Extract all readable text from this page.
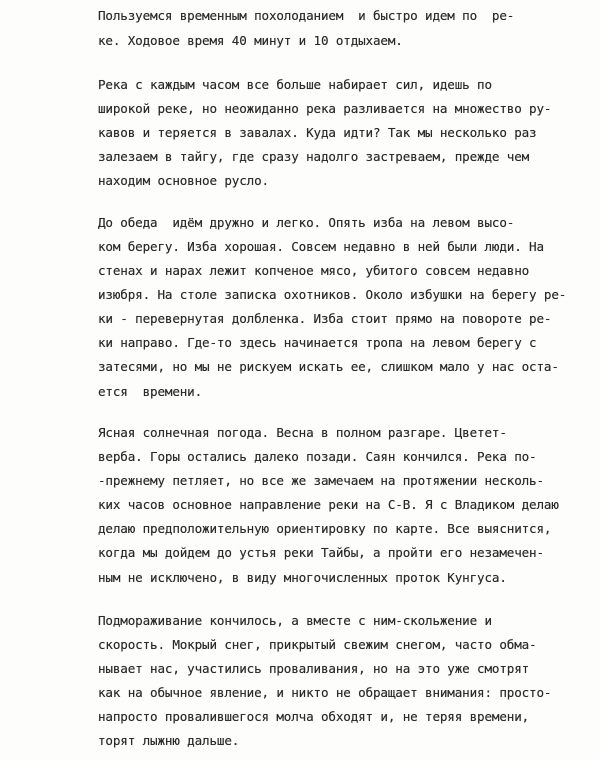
Пользуемся временным похолоданием  и быстро идем по  ре-

ке. Ходовое время 40 минут и 10 отдыхаем.

Река с каждым часом все больше набирает сил, идешь по

широкой реке, но неожиданно река разливается на множество ру-

кавов и теряется в завалах. Куда идти? Так мы несколько раз

залезаем в тайгу, где сразу надолго застреваем, прежде чем

находим основное русло.

До обеда  идём дружно и легко. Опять изба на левом высо-

ком берегу. Изба хорошая. Совсем недавно в ней были люди. На

стенах и нарах лежит копченое мясо, убитого совсем недавно

изюбря. На столе записка охотников. Около избушки на берегу ре-

ки - перевернутая долбленка. Изба стоит прямо на повороте ре-

ки направо. Где-то здесь начинается тропа на левом берегу с

затесями, но мы не рискуем искать ее, слишком мало у нас оста-

ется  времени.

Ясная солнечная погода. Весна в полном разгаре. Цветет-

верба. Горы остались далеко позади. Саян кончился. Река по-

-прежнему петляет, но все же замечаем на протяжении несколь-

ких часов основное направление реки на С-В. Я с Владиком делаю

делаю предположительную ориентировку по карте. Все выяснится,

когда мы дойдем до устья реки Тайбы, а пройти его незамечен-

ным не исключено, в виду многочисленных проток Кунгуса.

Подмораживание кончилось, а вместе с ним-скольжение и

скорость. Мокрый снег, прикрытый свежим снегом, часто обма-

нывает нас, участились проваливания, но на это уже смотрят

как на обычное явление, и никто не обращает внимания: просто-

напросто провалившегося молча обходят и, не теряя времени,

торят лыжню дальше.
